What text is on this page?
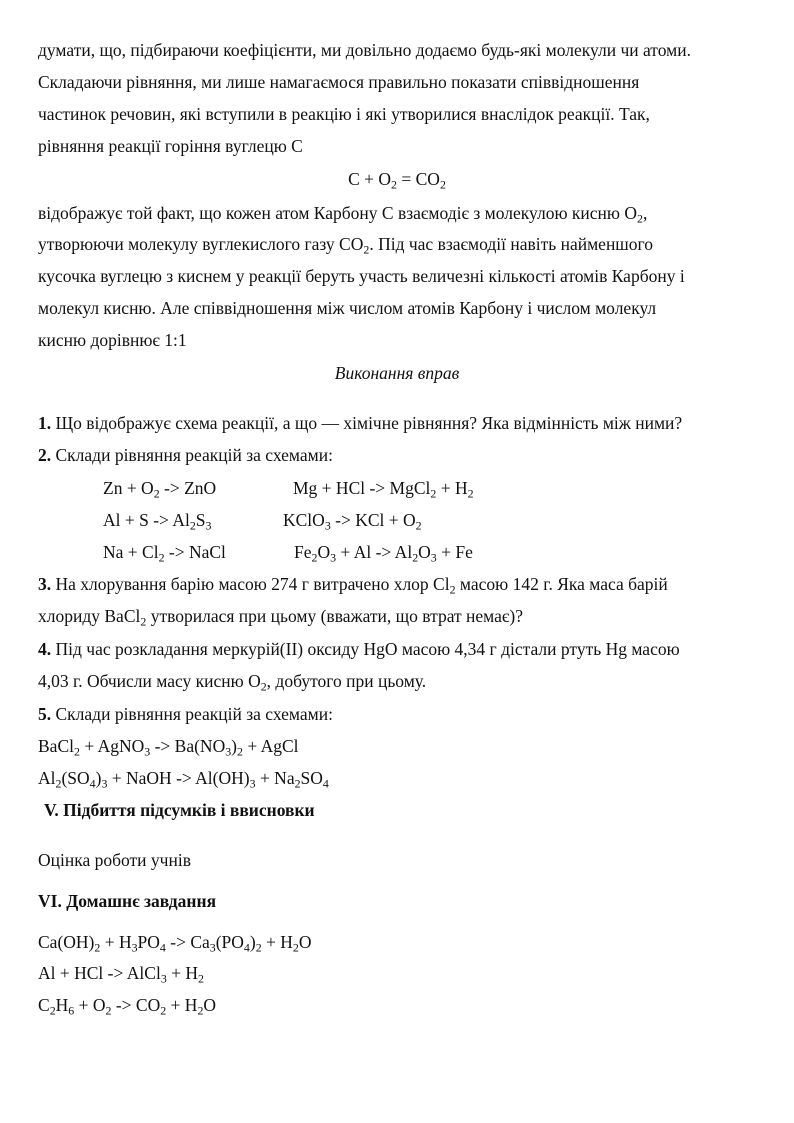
думати, що, підбираючи коефіцієнти, ми довільно додаємо будь-які молекули чи атоми.
Складаючи рівняння, ми лише намагаємося правильно показати співвідношення
частинок речовин, які вступили в реакцію і які утворилися внаслідок реакції. Так,
рівняння реакції горіння вуглецю С
$C + O_2 = CO_2$
відображує той факт, що кожен атом Карбону С взаємодіє з молекулою кисню $O_2$,
утворюючи молекулу вуглекислого газу $CO_2$. Під час взаємодії навіть найменшого
кусочка вуглецю з киснем у реакції беруть участь величезні кількості атомів Карбону і
молекул кисню. Але співвідношення між числом атомів Карбону і числом молекул
кисню дорівнює 1:1
Виконання вправ
1. Що відображує схема реакції, а що — хімічне рівняння? Яка відмінність між ними?
2. Склади рівняння реакцій за схемами:
$Zn + O_2$ -> ZnO	Mg + HCl -> MgCl$_2$ + $H_2$
$Al + S -> Al_2S_3$	KClO$_3$ -> KCl + $O_2$
$Na + Cl_2$ -> NaCl	$Fe_2O_3 + Al -> Al_2O_3 + Fe$
3. На хлорування барію масою 274 г витрачено хлор $Cl_2$ масою 142 г. Яка маса барій
хлориду BaCl$_2$ утворилася при цьому (вважати, що втрат немає)?
4. Під час розкладання меркурій(II) оксиду HgO масою 4,34 г дістали ртуть Hg масою
4,03 г. Обчисли масу кисню $O_2$, добутого при цьому.
5. Склади рівняння реакцій за схемами:
BaCl$_2$ + AgNO$_3$ -> $Ba(NO_3)_2$ + AgCl
$Al_2(SO_4)_3$ + NaOH -> $Al(OH)_3 + Na_2SO_4$
V. Підбиття підсумків і ввисновки
Оцінка роботи учнів
VI. Домашнє завдання
$Ca(OH)_2 + H_3PO_4 -> Ca_3(PO_4)_2 + H_2O$
Al + HCl -> AlCl$_3$ + $H_2$
$C_2H_6 + O_2 -> CO_2 + H_2O$
